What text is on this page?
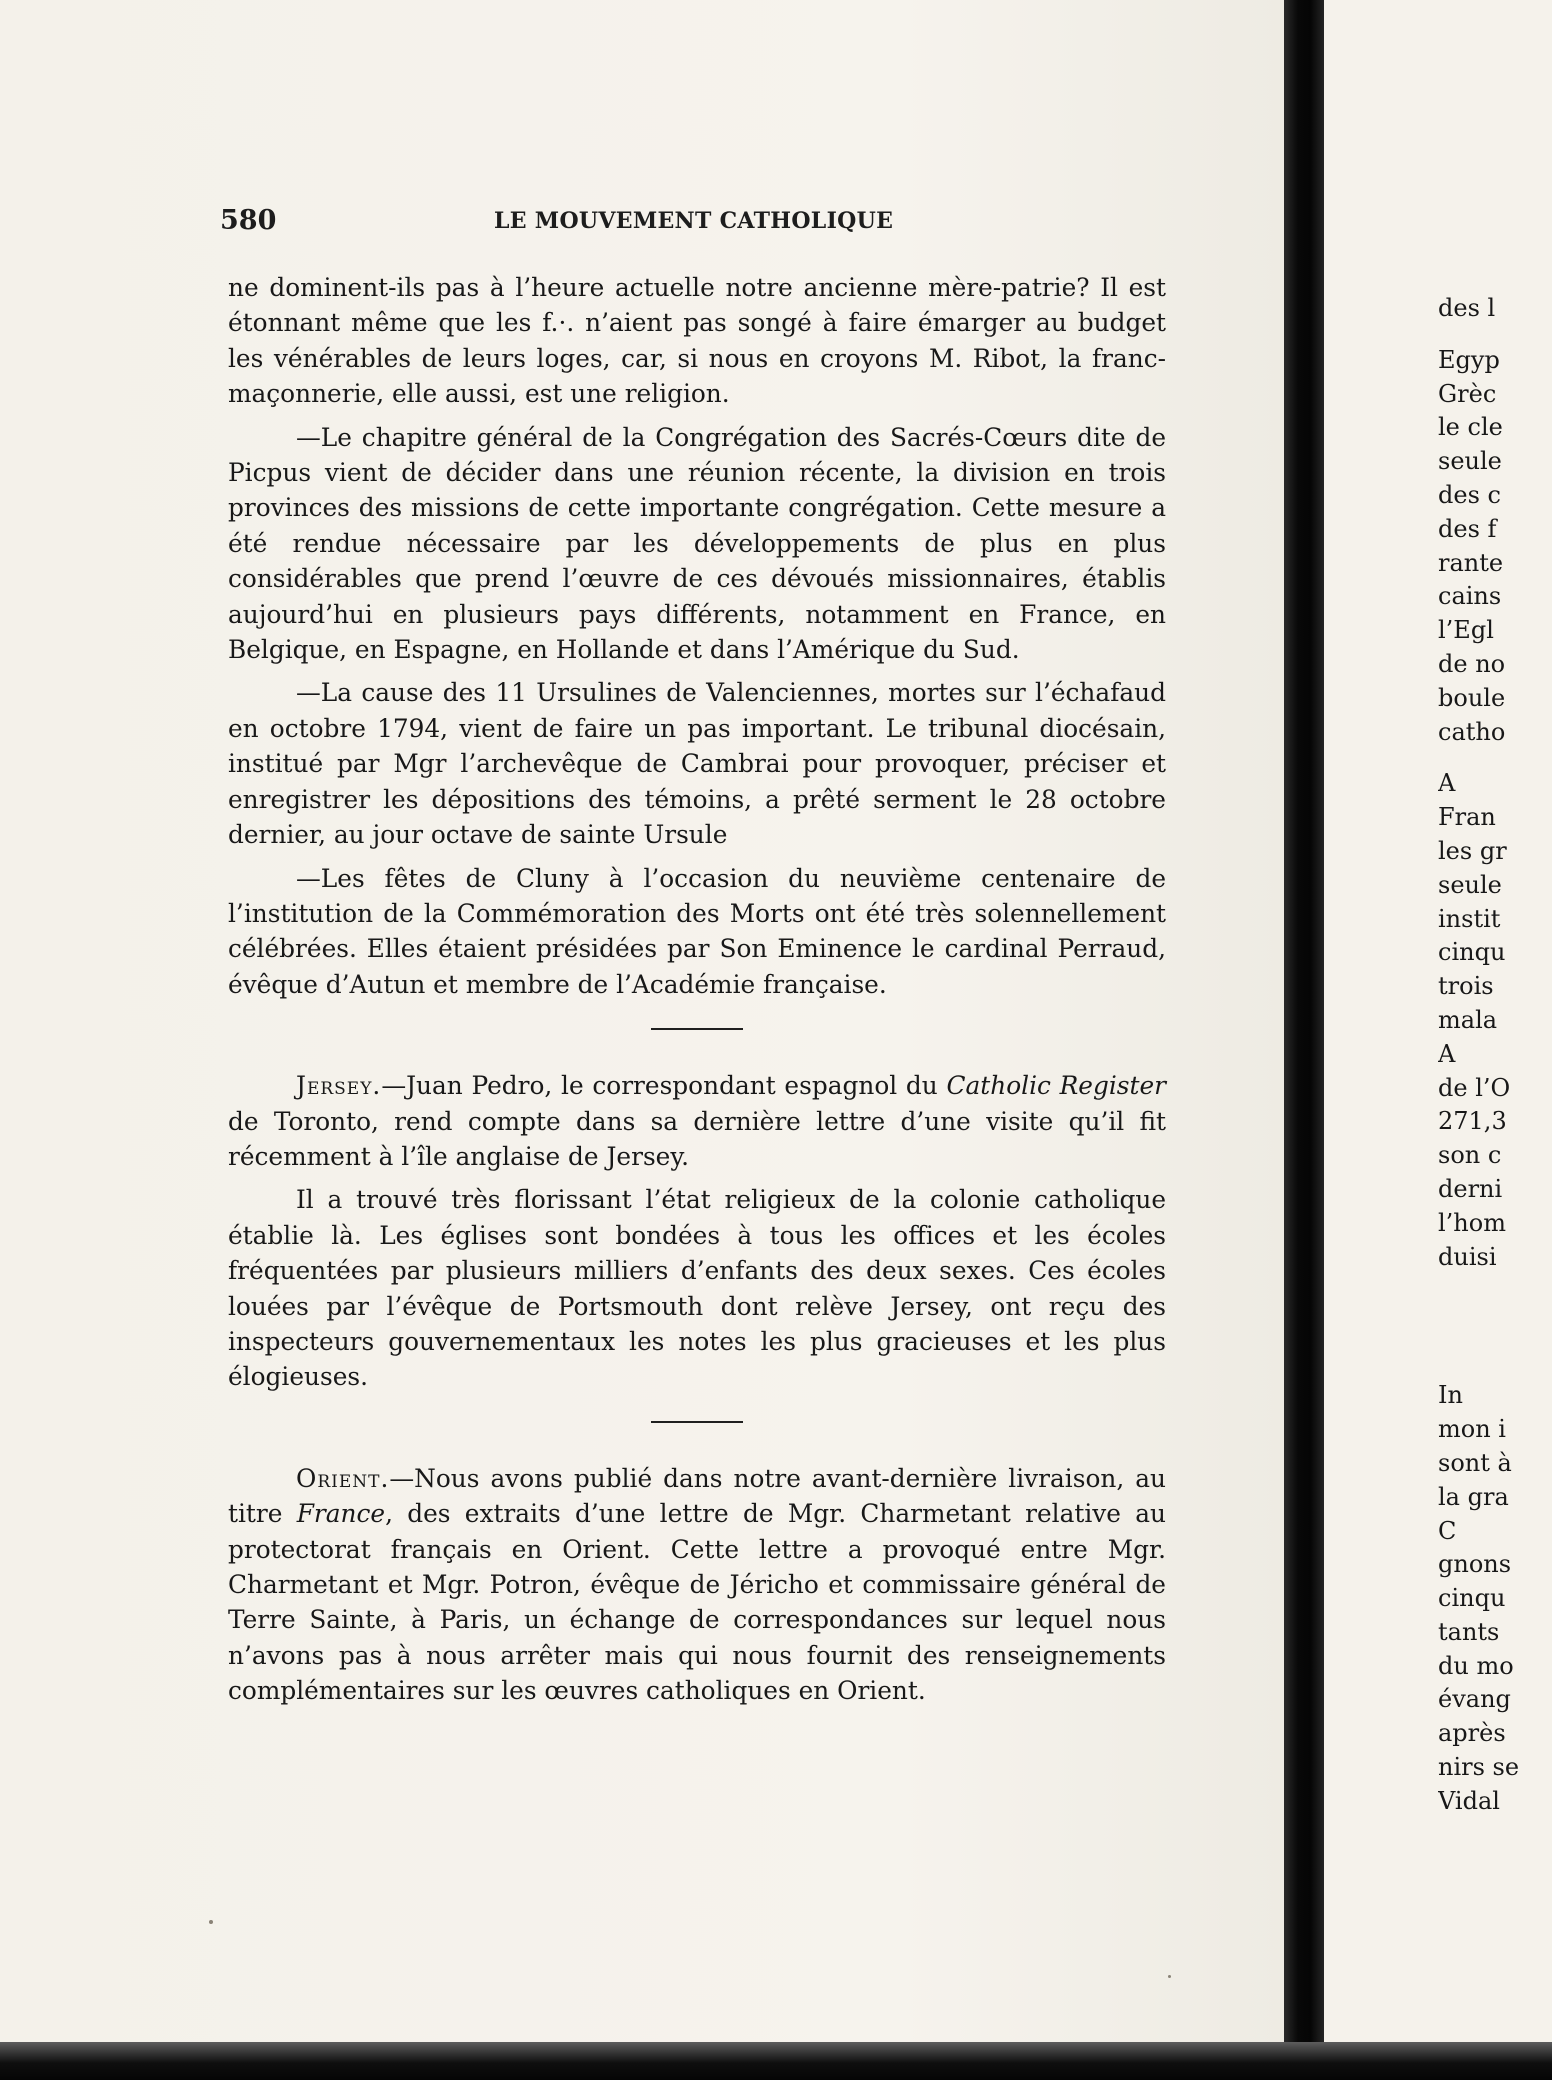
580	LE MOUVEMENT CATHOLIQUE

ne dominent-ils pas à l’heure actuelle notre ancienne mère-patrie? Il est étonnant même que les f.·. n’aient pas songé à faire émarger au budget les vénérables de leurs loges, car, si nous en croyons M. Ribot, la franc-maçonnerie, elle aussi, est une religion.

—Le chapitre général de la Congrégation des Sacrés-Cœurs dite de Picpus vient de décider dans une réunion récente, la division en trois provinces des missions de cette importante congrégation. Cette mesure a été rendue nécessaire par les développements de plus en plus considérables que prend l’œuvre de ces dévoués missionnaires, établis aujourd’hui en plusieurs pays différents, notamment en France, en Belgique, en Espagne, en Hollande et dans l’Amérique du Sud.

—La cause des 11 Ursulines de Valenciennes, mortes sur l’échafaud en octobre 1794, vient de faire un pas important. Le tribunal diocésain, institué par Mgr l’archevêque de Cambrai pour provoquer, préciser et enregistrer les dépositions des témoins, a prêté serment le 28 octobre dernier, au jour octave de sainte Ursule

—Les fêtes de Cluny à l’occasion du neuvième centenaire de l’institution de la Commémoration des Morts ont été très solennellement célébrées. Elles étaient présidées par Son Eminence le cardinal Perraud, évêque d’Autun et membre de l’Académie française.

Jersey.—Juan Pedro, le correspondant espagnol du Catholic Register de Toronto, rend compte dans sa dernière lettre d’une visite qu’il fit récemment à l’île anglaise de Jersey.

Il a trouvé très florissant l’état religieux de la colonie catholique établie là. Les églises sont bondées à tous les offices et les écoles fréquentées par plusieurs milliers d’enfants des deux sexes. Ces écoles louées par l’évêque de Portsmouth dont relève Jersey, ont reçu des inspecteurs gouvernementaux les notes les plus gracieuses et les plus élogieuses.

Orient.—Nous avons publié dans notre avant-dernière livraison, au titre France, des extraits d’une lettre de Mgr. Charmetant relative au protectorat français en Orient. Cette lettre a provoqué entre Mgr. Charmetant et Mgr. Potron, évêque de Jéricho et commissaire général de Terre Sainte, à Paris, un échange de correspondances sur lequel nous n’avons pas à nous arrêter mais qui nous fournit des renseignements complémentaires sur les œuvres catholiques en Orient.

des l
Egyp
Grèc
le cle
seule
des c
des f
rante
cains
l’Egl
de no
boule
catho
A
Fran
les gr
seule
instit
cinqu
trois
mala
A
de l’O
271,3
son c
derni
l’hom
duisi
In
mon i
sont à
la gra
C
gnons
cinqu
tants
du mo
évang
après
nirs se
Vidal
